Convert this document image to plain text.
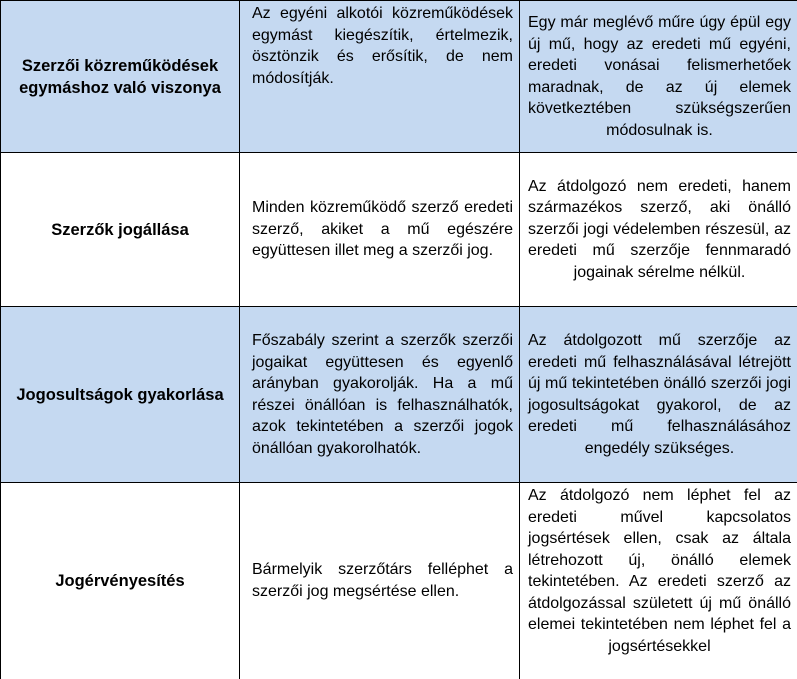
Szerzői közreműködések egymáshoz való viszonya	Az egyéni alkotói közreműködések egymást kiegészítik, értelmezik, ösztönzik és erősítik, de nem módosítják.	Egy már meglévő műre úgy épül egy új mű, hogy az eredeti mű egyéni, eredeti vonásai felismerhetőek maradnak, de az új elemek következtében szükségszerűen módosulnak is.
Szerzők jogállása	Minden közreműködő szerző eredeti szerző, akiket a mű egészére együttesen illet meg a szerzői jog.	Az átdolgozó nem eredeti, hanem származékos szerző, aki önálló szerzői jogi védelemben részesül, az eredeti mű szerzője fennmaradó jogainak sérelme nélkül.
Jogosultságok gyakorlása	Főszabály szerint a szerzők szerzői jogaikat együttesen és egyenlő arányban gyakorolják. Ha a mű részei önállóan is felhasználhatók, azok tekintetében a szerzői jogok önállóan gyakorolhatók.	Az átdolgozott mű szerzője az eredeti mű felhasználásával létrejött új mű tekintetében önálló szerzői jogi jogosultságokat gyakorol, de az eredeti mű felhasználásához engedély szükséges.
Jogérvényesítés	Bármelyik szerzőtárs felléphet a szerzői jog megsértése ellen.	Az átdolgozó nem léphet fel az eredeti művel kapcsolatos jogsértések ellen, csak az általa létrehozott új, önálló elemek tekintetében. Az eredeti szerző az átdolgozással született új mű önálló elemei tekintetében nem léphet fel a jogsértésekkel
